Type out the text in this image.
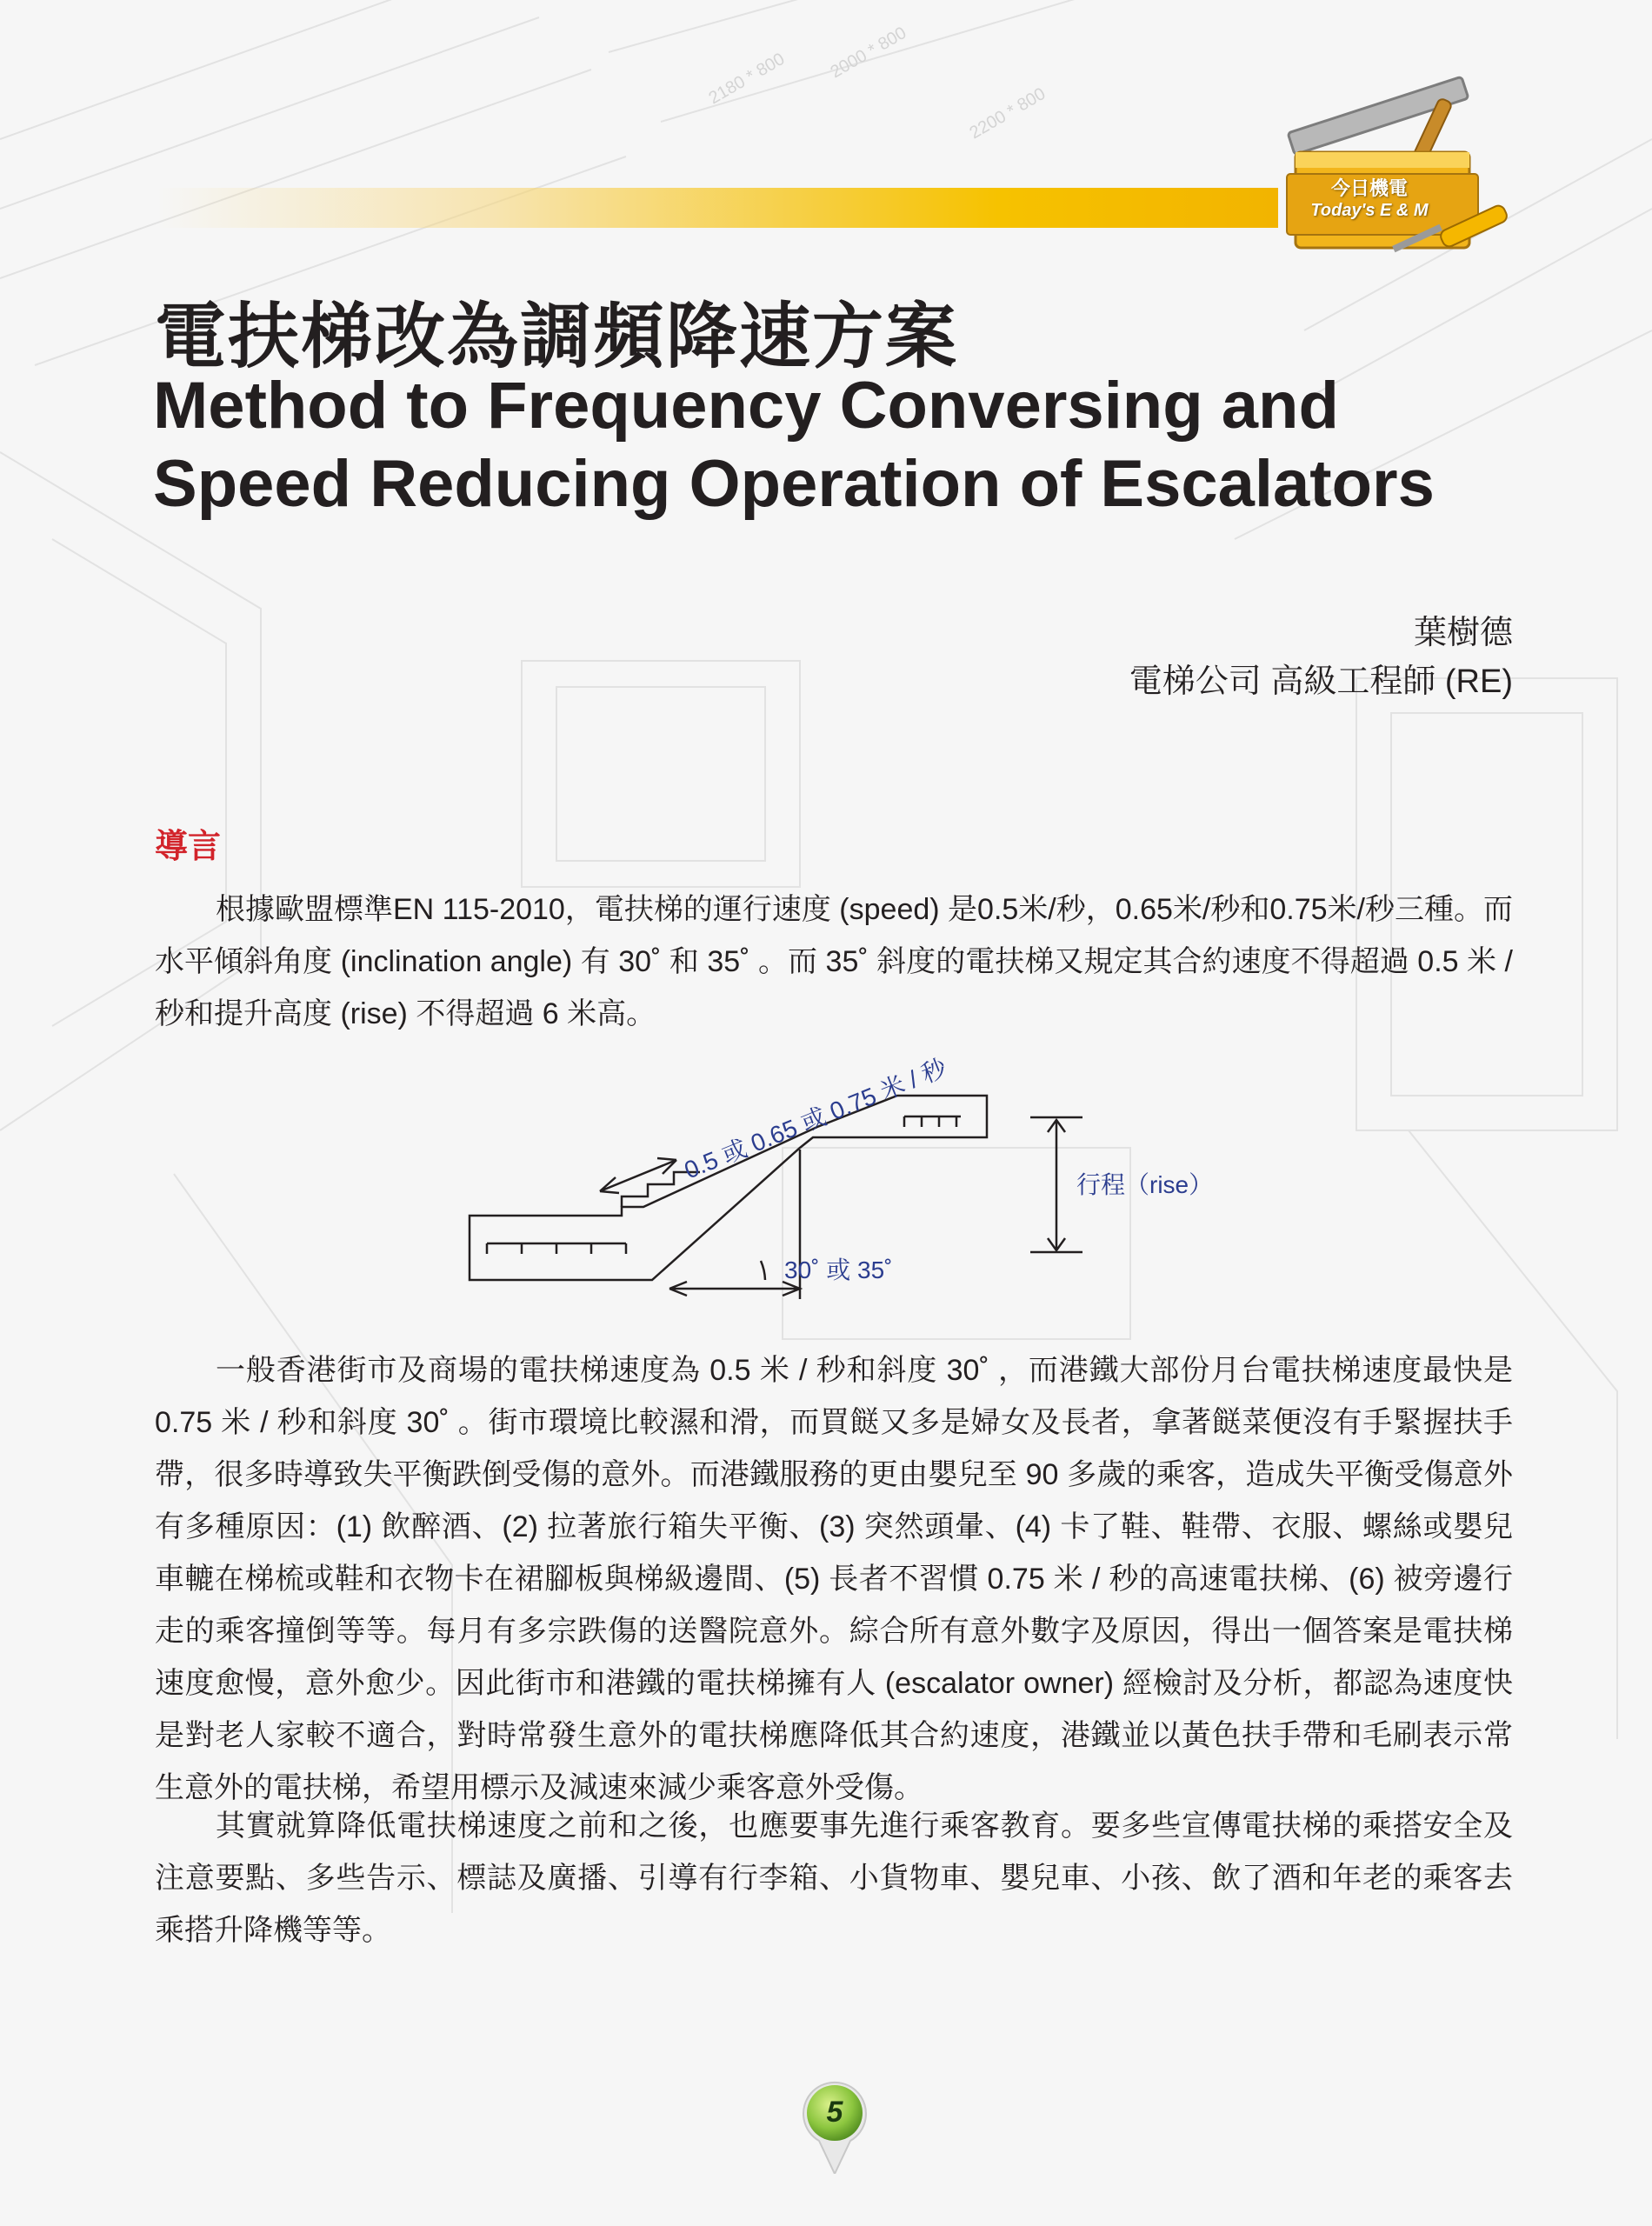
2180 * 800 2000 * 800
2200 * 800
今日機電
Today's E & M
電扶梯改為調頻降速方案
Method to Frequency Conversing and Speed Reducing Operation of Escalators
葉樹德
電梯公司 高級工程師 (RE)
導言

根據歐盟標準EN 115-2010，電扶梯的運行速度 (speed) 是0.5米/秒，0.65米/秒和0.75米/秒三種。而水平傾斜角度 (inclination angle) 有 30˚ 和 35˚ 。而 35˚ 斜度的電扶梯又規定其合約速度不得超過 0.5 米 / 秒和提升高度 (rise) 不得超過 6 米高。

0.5 或 0.65 或 0.75 米 / 秒
行程（rise）
30˚ 或 35˚

一般香港街市及商場的電扶梯速度為 0.5 米 / 秒和斜度 30˚ ，而港鐵大部份月台電扶梯速度最快是 0.75 米 / 秒和斜度 30˚ 。街市環境比較濕和滑，而買餸又多是婦女及長者，拿著餸菜便沒有手緊握扶手帶，很多時導致失平衡跌倒受傷的意外。而港鐵服務的更由嬰兒至 90 多歲的乘客，造成失平衡受傷意外有多種原因：(1) 飲醉酒、(2) 拉著旅行箱失平衡、(3) 突然頭暈、(4) 卡了鞋、鞋帶、衣服、螺絲或嬰兒車轆在梯梳或鞋和衣物卡在裙腳板與梯級邊間、(5) 長者不習慣 0.75 米 / 秒的高速電扶梯、(6) 被旁邊行走的乘客撞倒等等。每月有多宗跌傷的送醫院意外。綜合所有意外數字及原因，得出一個答案是電扶梯速度愈慢，意外愈少。因此街市和港鐵的電扶梯擁有人 (escalator owner) 經檢討及分析，都認為速度快是對老人家較不適合，對時常發生意外的電扶梯應降低其合約速度，港鐵並以黃色扶手帶和毛刷表示常生意外的電扶梯，希望用標示及減速來減少乘客意外受傷。

其實就算降低電扶梯速度之前和之後，也應要事先進行乘客教育。要多些宣傳電扶梯的乘搭安全及注意要點、多些告示、標誌及廣播、引導有行李箱、小貨物車、嬰兒車、小孩、飲了酒和年老的乘客去乘搭升降機等等。

5
